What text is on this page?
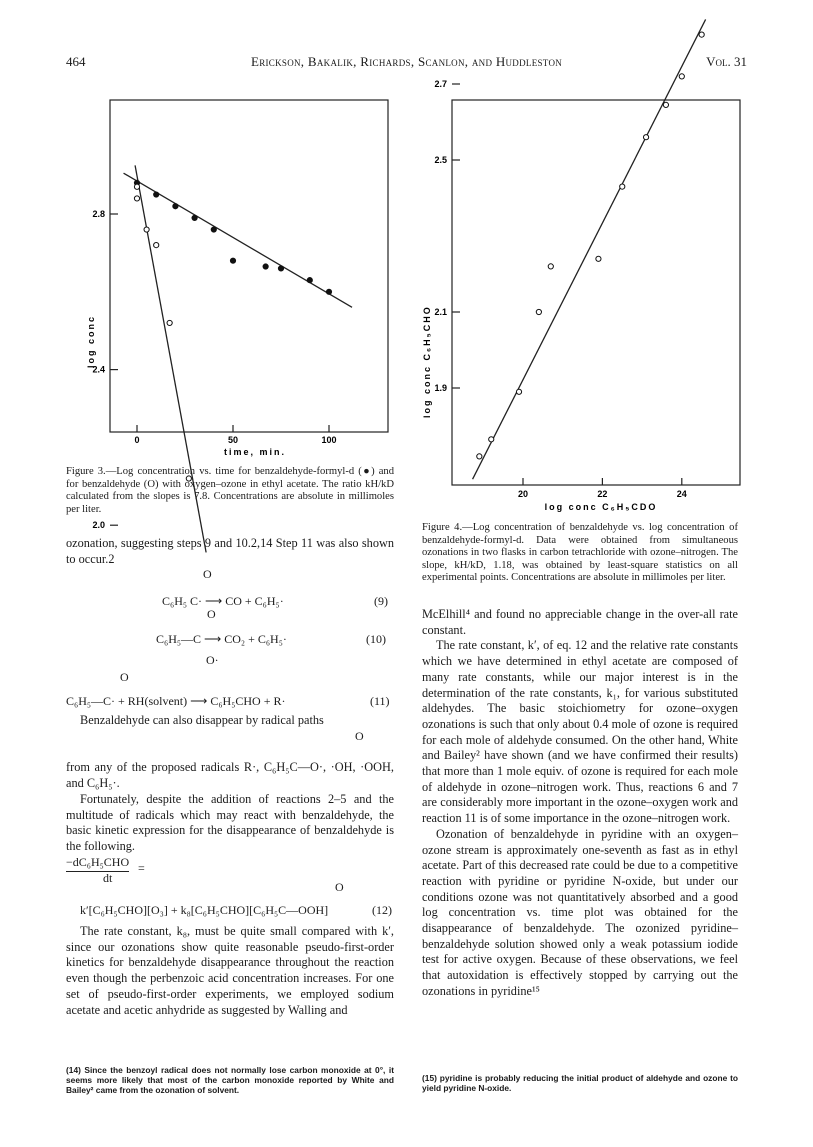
464	Erickson, Bakalik, Richards, Scanlon, and Huddleston	Vol. 31
0	50	100
2.0
2.4
2.8
time, min.
log conc
Figure 3.—Log concentration vs. time for benzaldehyde-formyl-d (●) and for benzaldehyde (O) with oxygen–ozone in ethyl acetate. The ratio kH/kD calculated from the slopes is 7.8. Concentrations are absolute in millimoles per liter.
20	22	24
1.9
2.1
2.5
2.7
log conc C₆H₅CDO
log conc C₆H₅CHO
Figure 4.—Log concentration of benzaldehyde vs. log concentration of benzaldehyde-formyl-d. Data were obtained from simultaneous ozonations in two flasks in carbon tetrachloride with ozone–nitrogen. The slope, kH/kD, 1.18, was obtained by least-square statistics on all experimental points. Concentrations are absolute in millimoles per liter.

ozonation, suggesting steps 9 and 10.2,14 Step 11 was also shown to occur.2

O
C₆H₅ C· ⟶ CO + C₆H₅·	(9)
O
C₆H₅—C ⟶ CO₂ + C₆H₅·
O·
(10)
O
C₆H₅—C· + RH(solvent) ⟶ C₆H₅CHO + R·	(11)

Benzaldehyde can also disappear by radical paths

O

from any of the proposed radicals R·, C₆H₅C—O·, ·OH, ·OOH, and C₆H₅·.

Fortunately, despite the addition of reactions 2–5 and the multitude of radicals which may react with benzaldehyde, the basic kinetic expression for the disappearance of benzaldehyde is the following.

−dC₆H₅CHO
dt
=
O
k′[C₆H₅CHO][O₃] + k₈[C₆H₅CHO][C₆H₅C—OOH]	(12)

The rate constant, k₈, must be quite small compared with k′, since our ozonations show quite reasonable pseudo-first-order kinetics for benzaldehyde disappearance throughout the reaction even though the perbenzoic acid concentration increases. For one set of pseudo-first-order experiments, we employed sodium acetate and acetic anhydride as suggested by Walling and

(14) Since the benzoyl radical does not normally lose carbon monoxide at 0°, it seems more likely that most of the carbon monoxide reported by White and Bailey² came from the ozonation of solvent.

McElhill⁴ and found no appreciable change in the over-all rate constant.

The rate constant, k′, of eq. 12 and the relative rate constants which we have determined in ethyl acetate are composed of many rate constants, while our major interest is in the determination of the rate constants, k₁, for various substituted aldehydes. The basic stoichiometry for ozone–oxygen ozonations is such that only about 0.4 mole of ozone is required for each mole of aldehyde consumed. On the other hand, White and Bailey² have shown (and we have confirmed their results) that more than 1 mole equiv. of ozone is required for each mole of aldehyde in ozone–nitrogen work. Thus, reactions 6 and 7 are considerably more important in the ozone–oxygen work and reaction 11 is of some importance in the ozone–nitrogen work.

Ozonation of benzaldehyde in pyridine with an oxygen–ozone stream is approximately one-seventh as fast as in ethyl acetate. Part of this decreased rate could be due to a competitive reaction with pyridine or pyridine N-oxide, but under our conditions ozone was not quantitatively absorbed and a good log concentration vs. time plot was obtained for the disappearance of benzaldehyde. The ozonized pyridine–benzaldehyde solution showed only a weak potassium iodide test for active oxygen. Because of these observations, we feel that autoxidation is effectively stopped by carrying out the ozonations in pyridine¹⁵

(15) pyridine is probably reducing the initial product of aldehyde and ozone to yield pyridine N-oxide.
